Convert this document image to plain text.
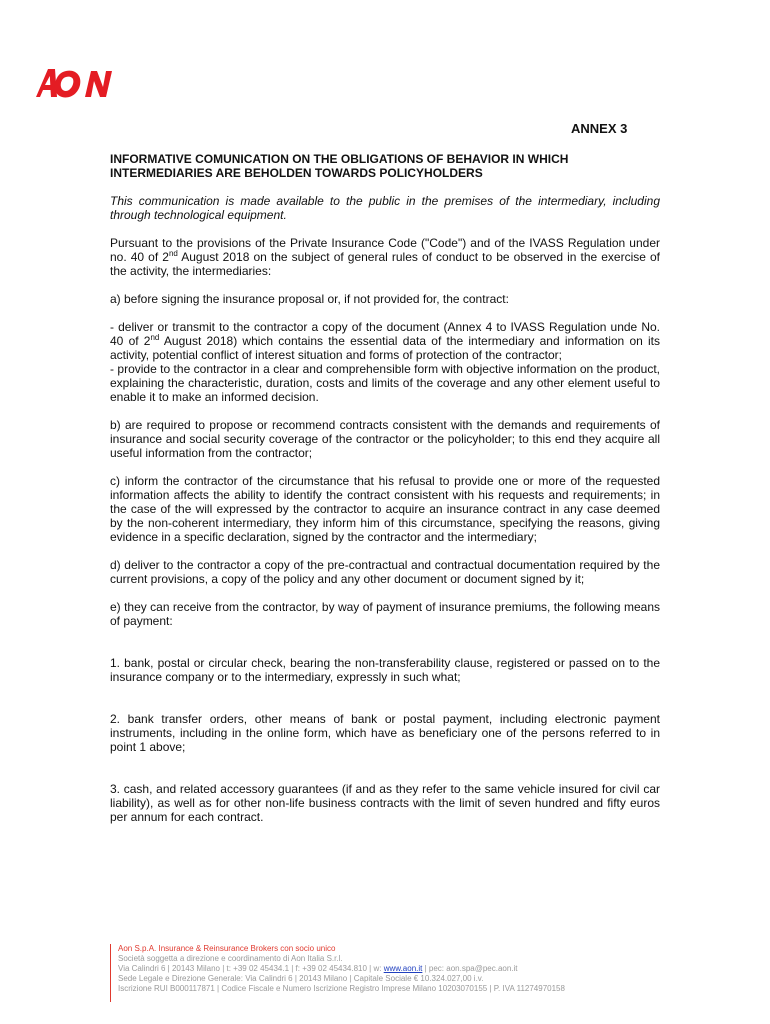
ANNEX 3

INFORMATIVE COMUNICATION ON THE OBLIGATIONS OF BEHAVIOR IN WHICH INTERMEDIARIES ARE BEHOLDEN TOWARDS POLICYHOLDERS

This communication is made available to the public in the premises of the intermediary, including through technological equipment.

Pursuant to the provisions of the Private Insurance Code ("Code") and of the IVASS Regulation under no. 40 of 2nd August 2018 on the subject of general rules of conduct to be observed in the exercise of the activity, the intermediaries:

a) before signing the insurance proposal or, if not provided for, the contract:

- deliver or transmit to the contractor a copy of the document (Annex 4 to IVASS Regulation unde No. 40 of 2nd August 2018) which contains the essential data of the intermediary and information on its activity, potential conflict of interest situation and forms of protection of the contractor;

- provide to the contractor in a clear and comprehensible form with objective information on the product, explaining the characteristic, duration, costs and limits of the coverage and any other element useful to enable it to make an informed decision.

b) are required to propose or recommend contracts consistent with the demands and requirements of insurance and social security coverage of the contractor or the policyholder; to this end they acquire all useful information from the contractor;

c) inform the contractor of the circumstance that his refusal to provide one or more of the requested information affects the ability to identify the contract consistent with his requests and requirements; in the case of the will expressed by the contractor to acquire an insurance contract in any case deemed by the non-coherent intermediary, they inform him of this circumstance, specifying the reasons, giving evidence in a specific declaration, signed by the contractor and the intermediary;

d) deliver to the contractor a copy of the pre-contractual and contractual documentation required by the current provisions, a copy of the policy and any other document or document signed by it;

e) they can receive from the contractor, by way of payment of insurance premiums, the following means of payment:

1. bank, postal or circular check, bearing the non-transferability clause, registered or passed on to the insurance company or to the intermediary, expressly in such what;

2. bank transfer orders, other means of bank or postal payment, including electronic payment instruments, including in the online form, which have as beneficiary one of the persons referred to in point 1 above;

3. cash, and related accessory guarantees (if and as they refer to the same vehicle insured for civil car liability), as well as for other non-life business contracts with the limit of seven hundred and fifty euros per annum for each contract.

Aon S.p.A. Insurance & Reinsurance Brokers con socio unico
Società soggetta a direzione e coordinamento di Aon Italia S.r.l.
Via Calindri 6 | 20143 Milano | t: +39 02 45434.1 | f: +39 02 45434.810 | w: www.aon.it | pec: aon.spa@pec.aon.it
Sede Legale e Direzione Generale: Via Calindri 6 | 20143 Milano | Capitale Sociale € 10.324.027,00 i.v.
Iscrizione RUI B000117871 | Codice Fiscale e Numero Iscrizione Registro Imprese Milano 10203070155 | P. IVA 11274970158
